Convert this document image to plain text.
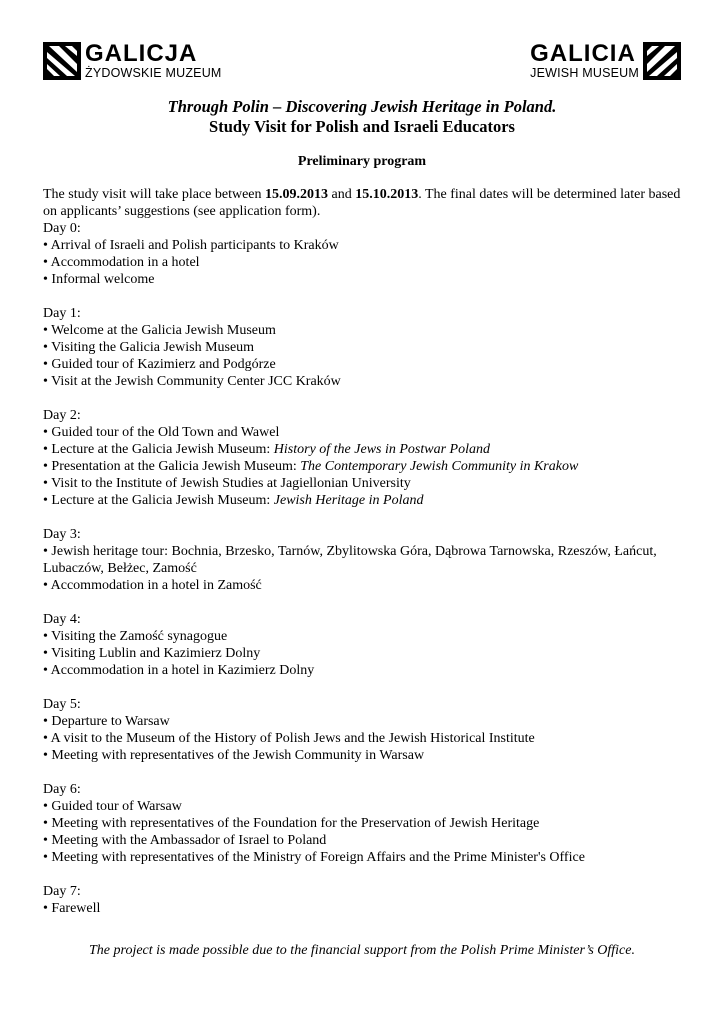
GALICJA
ŻYDOWSKIE MUZEUM
GALICIA
JEWISH MUSEUM
Through Polin – Discovering Jewish Heritage in Poland.
Study Visit for Polish and Israeli Educators
Preliminary program

The study visit will take place between 15.09.2013 and 15.10.2013. The final dates will be determined later based on applicants’ suggestions (see application form).

Day 0:
• Arrival of Israeli and Polish participants to Kraków
• Accommodation in a hotel
• Informal welcome
Day 1:
• Welcome at the Galicia Jewish Museum
• Visiting the Galicia Jewish Museum
• Guided tour of Kazimierz and Podgórze
• Visit at the Jewish Community Center JCC Kraków
Day 2:
• Guided tour of the Old Town and Wawel
• Lecture at the Galicia Jewish Museum: History of the Jews in Postwar Poland
• Presentation at the Galicia Jewish Museum: The Contemporary Jewish Community in Krakow
• Visit to the Institute of Jewish Studies at Jagiellonian University
• Lecture at the Galicia Jewish Museum: Jewish Heritage in Poland
Day 3:
• Jewish heritage tour: Bochnia, Brzesko, Tarnów, Zbylitowska Góra, Dąbrowa Tarnowska, Rzeszów, Łańcut, Lubaczów, Bełżec, Zamość
• Accommodation in a hotel in Zamość
Day 4:
• Visiting the Zamość synagogue
• Visiting Lublin and Kazimierz Dolny
• Accommodation in a hotel in Kazimierz Dolny
Day 5:
• Departure to Warsaw
• A visit to the Museum of the History of Polish Jews and the Jewish Historical Institute
• Meeting with representatives of the Jewish Community in Warsaw
Day 6:
• Guided tour of Warsaw
• Meeting with representatives of the Foundation for the Preservation of Jewish Heritage
• Meeting with the Ambassador of Israel to Poland
• Meeting with representatives of the Ministry of Foreign Affairs and the Prime Minister's Office
Day 7:
• Farewell
The project is made possible due to the financial support from the Polish Prime Minister’s Office.
